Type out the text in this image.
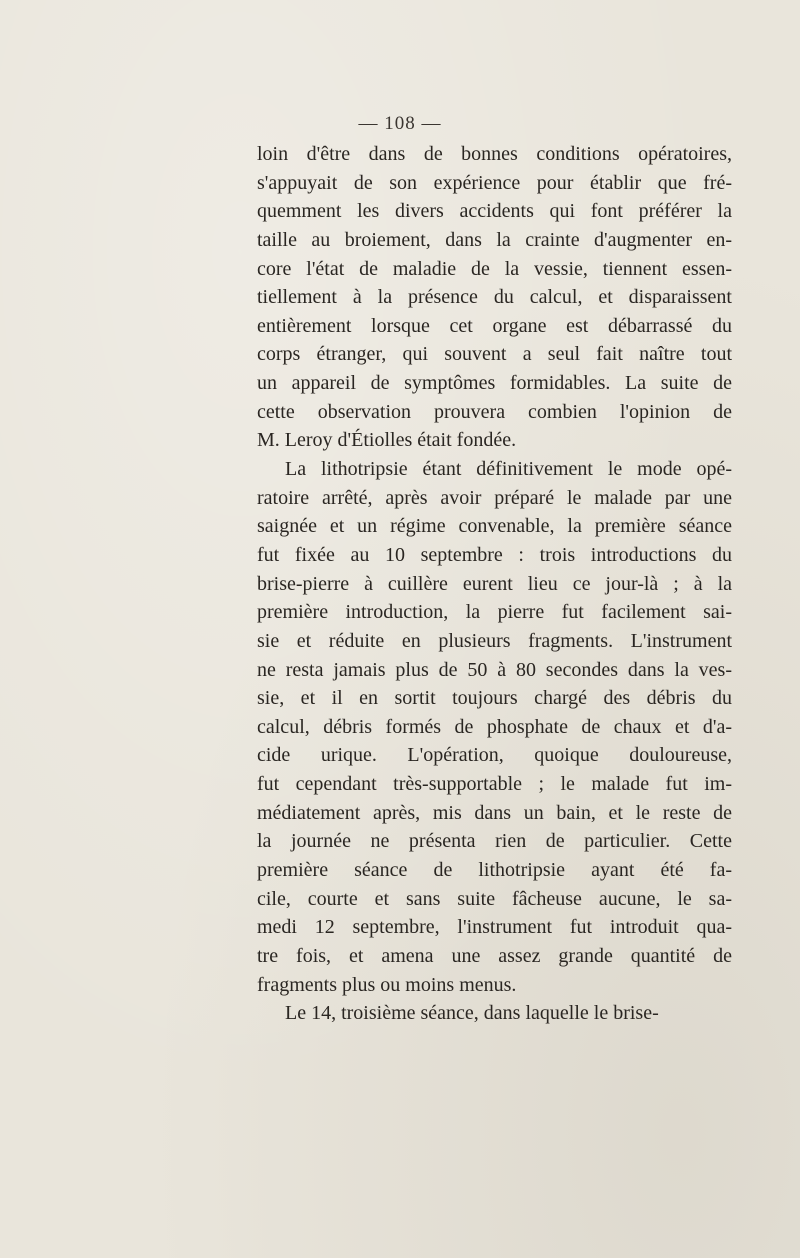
— 108 —
loin d'être dans de bonnes conditions opératoires,
s'appuyait de son expérience pour établir que fré-
quemment les divers accidents qui font préférer la
taille au broiement, dans la crainte d'augmenter en-
core l'état de maladie de la vessie, tiennent essen-
tiellement à la présence du calcul, et disparaissent
entièrement lorsque cet organe est débarrassé du
corps étranger, qui souvent a seul fait naître tout
un appareil de symptômes formidables. La suite de
cette observation prouvera combien l'opinion de
M. Leroy d'Étiolles était fondée.
La lithotripsie étant définitivement le mode opé-
ratoire arrêté, après avoir préparé le malade par une
saignée et un régime convenable, la première séance
fut fixée au 10 septembre : trois introductions du
brise-pierre à cuillère eurent lieu ce jour-là ; à la
première introduction, la pierre fut facilement sai-
sie et réduite en plusieurs fragments. L'instrument
ne resta jamais plus de 50 à 80 secondes dans la ves-
sie, et il en sortit toujours chargé des débris du
calcul, débris formés de phosphate de chaux et d'a-
cide urique. L'opération, quoique douloureuse,
fut cependant très-supportable ; le malade fut im-
médiatement après, mis dans un bain, et le reste de
la journée ne présenta rien de particulier. Cette
première séance de lithotripsie ayant été fa-
cile, courte et sans suite fâcheuse aucune, le sa-
medi 12 septembre, l'instrument fut introduit qua-
tre fois, et amena une assez grande quantité de
fragments plus ou moins menus.
Le 14, troisième séance, dans laquelle le brise-
